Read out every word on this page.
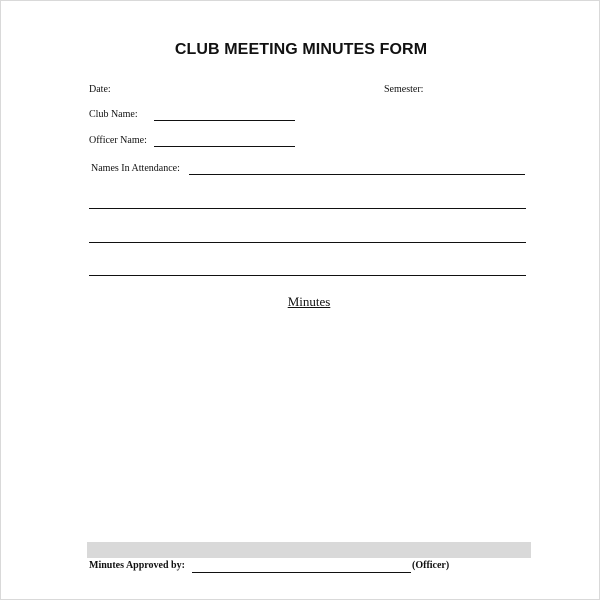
CLUB MEETING MINUTES FORM
Date:	Semester:
Club Name:
Officer Name:
Names In Attendance:
Minutes
Minutes Approved by:	(Officer)
